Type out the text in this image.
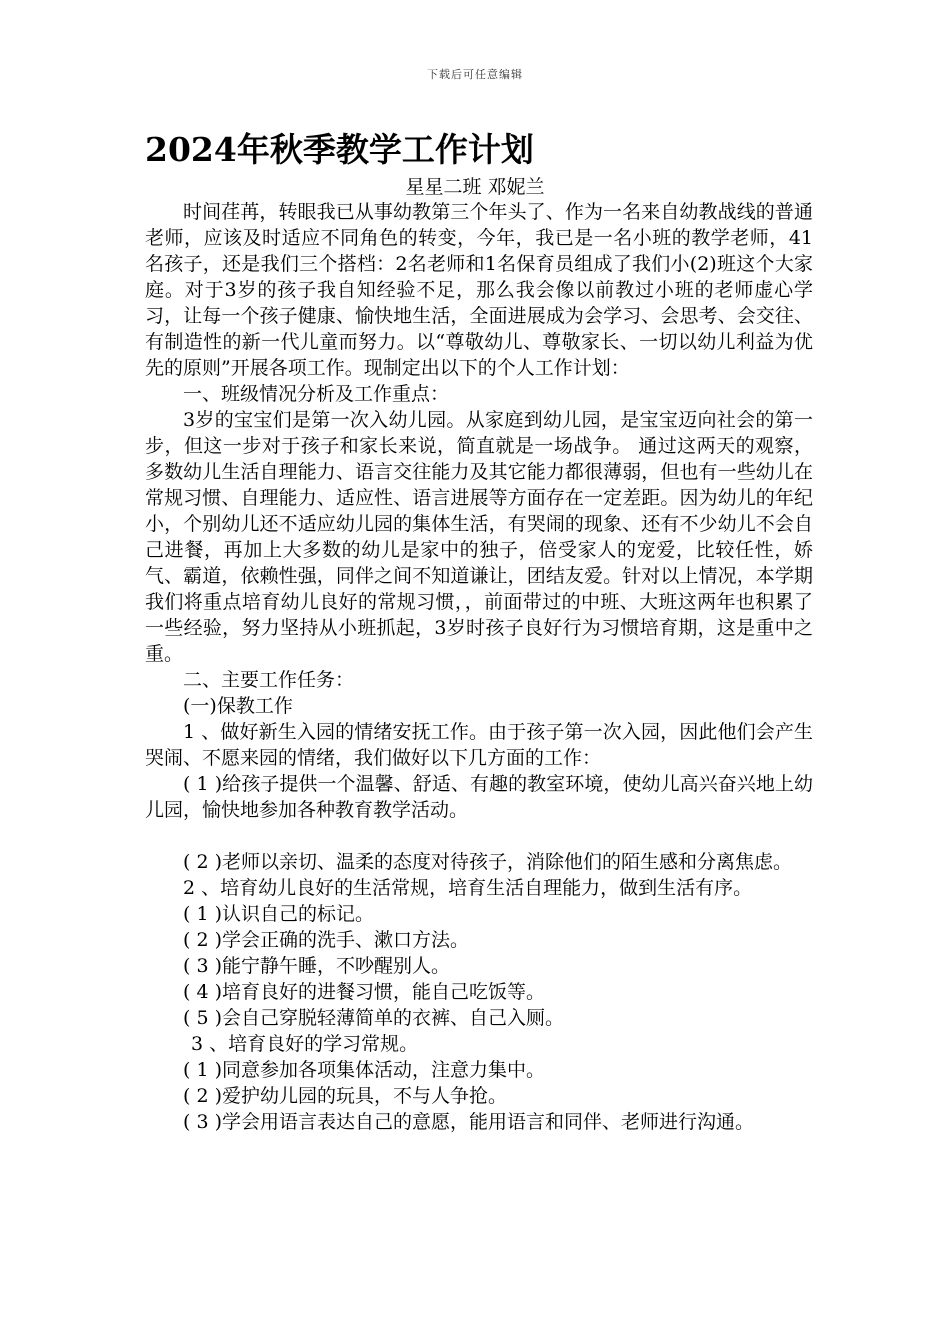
下载后可任意编辑
2024年秋季教学工作计划
星星二班 邓妮兰

时间荏苒，转眼我已从事幼教第三个年头了、作为一名来自幼教战线的普通老师，应该及时适应不同角色的转变，今年，我已是一名小班的教学老师，41名孩子，还是我们三个搭档：2名老师和1名保育员组成了我们小(2)班这个大家庭。对于3岁的孩子我自知经验不足，那么我会像以前教过小班的老师虚心学习，让每一个孩子健康、愉快地生活，全面进展成为会学习、会思考、会交往、有制造性的新一代儿童而努力。以“尊敬幼儿、尊敬家长、一切以幼儿利益为优先的原则”开展各项工作。现制定出以下的个人工作计划：

一、班级情况分析及工作重点：

3岁的宝宝们是第一次入幼儿园。从家庭到幼儿园，是宝宝迈向社会的第一步，但这一步对于孩子和家长来说，简直就是一场战争。 通过这两天的观察，多数幼儿生活自理能力、语言交往能力及其它能力都很薄弱，但也有一些幼儿在常规习惯、自理能力、适应性、语言进展等方面存在一定差距。因为幼儿的年纪小，个别幼儿还不适应幼儿园的集体生活，有哭闹的现象、还有不少幼儿不会自己进餐，再加上大多数的幼儿是家中的独子，倍受家人的宠爱，比较任性，娇气、霸道，依赖性强，同伴之间不知道谦让，团结友爱。针对以上情况，本学期我们将重点培育幼儿良好的常规习惯，，前面带过的中班、大班这两年也积累了一些经验，努力坚持从小班抓起，3岁时孩子良好行为习惯培育期，这是重中之重。

二、主要工作任务：

(一)保教工作

1 、做好新生入园的情绪安抚工作。由于孩子第一次入园，因此他们会产生哭闹、不愿来园的情绪，我们做好以下几方面的工作：

( 1 )给孩子提供一个温馨、舒适、有趣的教室环境，使幼儿高兴奋兴地上幼儿园，愉快地参加各种教育教学活动。

( 2 )老师以亲切、温柔的态度对待孩子，消除他们的陌生感和分离焦虑。

2 、培育幼儿良好的生活常规，培育生活自理能力，做到生活有序。

( 1 )认识自己的标记。

( 2 )学会正确的洗手、漱口方法。

( 3 )能宁静午睡，不吵醒别人。

( 4 )培育良好的进餐习惯，能自己吃饭等。

( 5 )会自己穿脱轻薄简单的衣裤、自己入厕。

3 、培育良好的学习常规。

( 1 )同意参加各项集体活动，注意力集中。

( 2 )爱护幼儿园的玩具，不与人争抢。

( 3 )学会用语言表达自己的意愿，能用语言和同伴、老师进行沟通。
